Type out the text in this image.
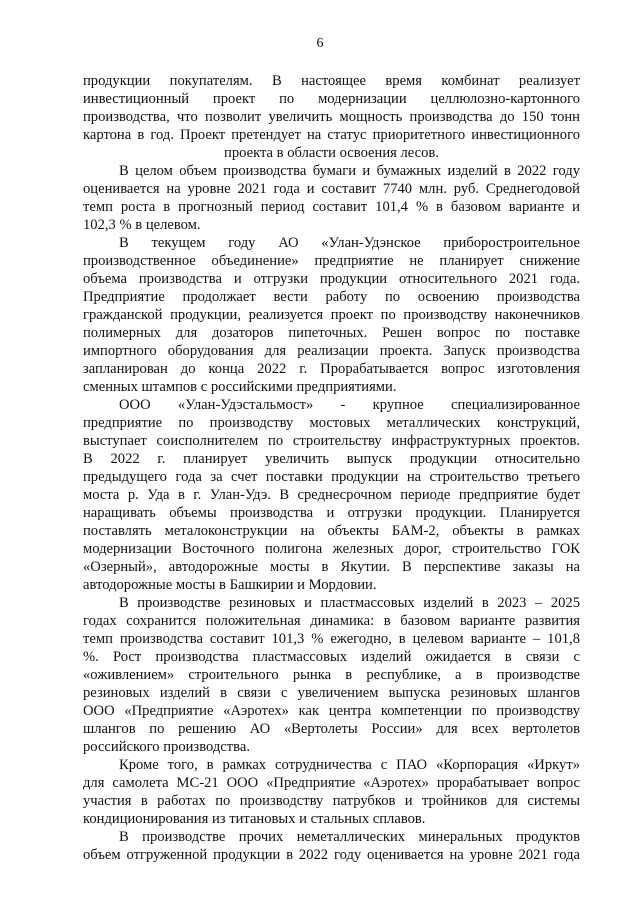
6
продукции покупателям. В настоящее время комбинат реализует
инвестиционный проект по модернизации целлюлозно-картонного
производства, что позволит увеличить мощность производства до 150 тонн
картона в год. Проект претендует на статус приоритетного инвестиционного
проекта в области освоения лесов.
В целом объем производства бумаги и бумажных изделий в 2022 году
оценивается на уровне 2021 года и составит 7740 млн. руб. Среднегодовой
темп роста в прогнозный период составит 101,4 % в базовом варианте и
102,3 % в целевом.
В текущем году АО «Улан-Удэнское приборостроительное
производственное объединение» предприятие не планирует снижение
объема производства и отгрузки продукции относительного 2021 года.
Предприятие продолжает вести работу по освоению производства
гражданской продукции, реализуется проект по производству наконечников
полимерных для дозаторов пипеточных. Решен вопрос по поставке
импортного оборудования для реализации проекта. Запуск производства
запланирован до конца 2022 г. Прорабатывается вопрос изготовления
сменных штампов с российскими предприятиями.
ООО «Улан-Удэстальмост» - крупное специализированное
предприятие по производству мостовых металлических конструкций,
выступает соисполнителем по строительству инфраструктурных проектов.
В 2022 г. планирует увеличить выпуск продукции относительно
предыдущего года за счет поставки продукции на строительство третьего
моста р. Уда в г. Улан-Удэ. В среднесрочном периоде предприятие будет
наращивать объемы производства и отгрузки продукции. Планируется
поставлять металоконструкции на объекты БАМ-2, объекты в рамках
модернизации Восточного полигона железных дорог, строительство ГОК
«Озерный», автодорожные мосты в Якутии. В перспективе заказы на
автодорожные мосты в Башкирии и Мордовии.
В производстве резиновых и пластмассовых изделий в 2023 – 2025
годах сохранится положительная динамика: в базовом варианте развития
темп производства составит 101,3 % ежегодно, в целевом варианте – 101,8
%. Рост производства пластмассовых изделий ожидается в связи с
«оживлением» строительного рынка в республике, а в производстве
резиновых изделий в связи с увеличением выпуска резиновых шлангов
ООО «Предприятие «Аэротех» как центра компетенции по производству
шлангов по решению АО «Вертолеты России» для всех вертолетов
российского производства.
Кроме того, в рамках сотрудничества с ПАО «Корпорация «Иркут»
для самолета МС-21 ООО «Предприятие «Аэротех» прорабатывает вопрос
участия в работах по производству патрубков и тройников для системы
кондиционирования из титановых и стальных сплавов.
В производстве прочих неметаллических минеральных продуктов
объем отгруженной продукции в 2022 году оценивается на уровне 2021 года
